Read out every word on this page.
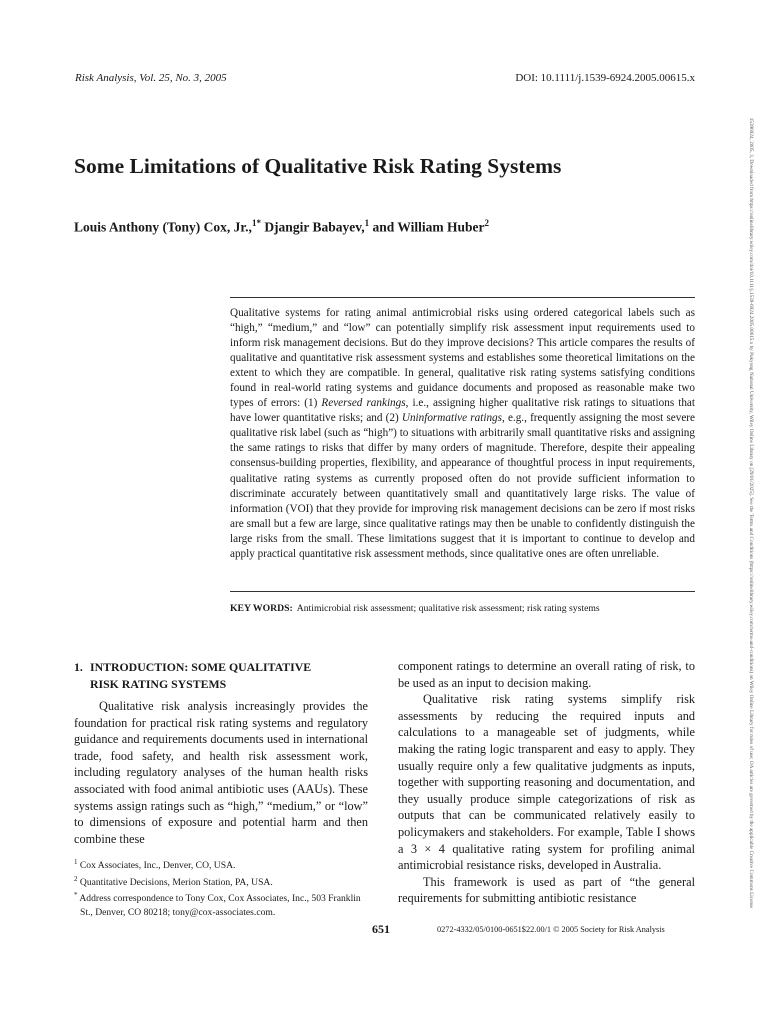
Risk Analysis, Vol. 25, No. 3, 2005	DOI: 10.1111/j.1539-6924.2005.00615.x
Some Limitations of Qualitative Risk Rating Systems
Louis Anthony (Tony) Cox, Jr.,$^{1*}$ Djangir Babayev,$^1$ and William Huber$^2$
Qualitative systems for rating animal antimicrobial risks using ordered categorical labels such as “high,” “medium,” and “low” can potentially simplify risk assessment input requirements used to inform risk management decisions. But do they improve decisions? This article compares the results of qualitative and quantitative risk assessment systems and establishes some theoretical limitations on the extent to which they are compatible. In general, qualitative risk rating systems satisfying conditions found in real-world rating systems and guidance documents and proposed as reasonable make two types of errors: (1) Reversed rankings, i.e., assigning higher qualitative risk ratings to situations that have lower quantitative risks; and (2) Uninformative ratings, e.g., frequently assigning the most severe qualitative risk label (such as “high”) to situations with arbitrarily small quantitative risks and assigning the same ratings to risks that differ by many orders of magnitude. Therefore, despite their appealing consensus-building properties, flexibility, and appearance of thoughtful process in input requirements, qualitative rating systems as currently proposed often do not provide sufficient information to discriminate accurately between quantitatively small and quantitatively large risks. The value of information (VOI) that they provide for improving risk management decisions can be zero if most risks are small but a few are large, since qualitative ratings may then be unable to confidently distinguish the large risks from the small. These limitations suggest that it is important to continue to develop and apply practical quantitative risk assessment methods, since qualitative ones are often unreliable.
KEY WORDS: Antimicrobial risk assessment; qualitative risk assessment; risk rating systems
1. INTRODUCTION: SOME QUALITATIVE
RISK RATING SYSTEMS

Qualitative risk analysis increasingly provides the foundation for practical risk rating systems and regulatory guidance and requirements documents used in international trade, food safety, and health risk assessment work, including regulatory analyses of the human health risks associated with food animal antibiotic uses (AAUs). These systems assign ratings such as “high,” “medium,” or “low” to dimensions of exposure and potential harm and then combine these

component ratings to determine an overall rating of risk, to be used as an input to decision making.

Qualitative risk rating systems simplify risk assessments by reducing the required inputs and calculations to a manageable set of judgments, while making the rating logic transparent and easy to apply. They usually require only a few qualitative judgments as inputs, together with supporting reasoning and documentation, and they usually produce simple categorizations of risk as outputs that can be communicated relatively easily to policymakers and stakeholders. For example, Table I shows a 3 × 4 qualitative rating system for profiling animal antimicrobial resistance risks, developed in Australia.

This framework is used as part of “the general requirements for submitting antibiotic resistance

$^1$ Cox Associates, Inc., Denver, CO, USA.
$^2$ Quantitative Decisions, Merion Station, PA, USA.
* Address correspondence to Tony Cox, Cox Associates, Inc., 503 Franklin St., Denver, CO 80218; tony@cox-associates.com.
651	0272-4332/05/0100-0651$22.00/1 © 2005 Society for Risk Analysis
15396924, 2005, 3, Downloaded from https://onlinelibrary.wiley.com/doi/10.1111/j.1539-6924.2005.00615.x by Pukyong National University, Wiley Online Library on [29/01/2025]. See the Terms and Conditions (https://onlinelibrary.wiley.com/terms-and-conditions) on Wiley Online Library for rules of use; OA articles are governed by the applicable Creative Commons License
